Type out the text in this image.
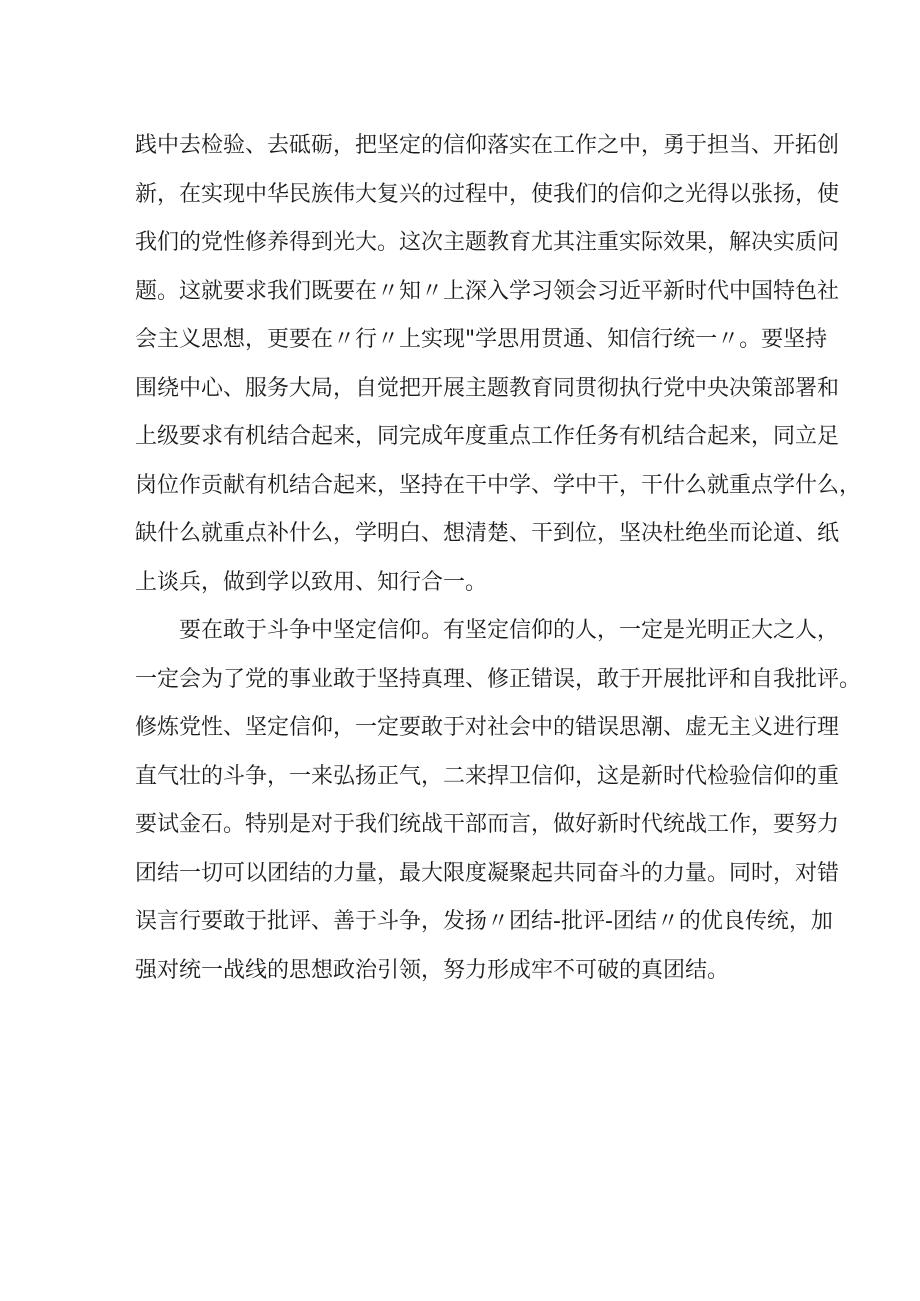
践中去检验、去砥砺，把坚定的信仰落实在工作之中，勇于担当、开拓创
新，在实现中华民族伟大复兴的过程中，使我们的信仰之光得以张扬，使
我们的党性修养得到光大。这次主题教育尤其注重实际效果，解决实质问
题。这就要求我们既要在〃知〃上深入学习领会习近平新时代中国特色社
会主义思想，更要在〃行〃上实现"学思用贯通、知信行统一〃。要坚持
围绕中心、服务大局，自觉把开展主题教育同贯彻执行党中央决策部署和
上级要求有机结合起来，同完成年度重点工作任务有机结合起来，同立足
岗位作贡献有机结合起来，坚持在干中学、学中干，干什么就重点学什么，
缺什么就重点补什么，学明白、想清楚、干到位，坚决杜绝坐而论道、纸
上谈兵，做到学以致用、知行合一。
要在敢于斗争中坚定信仰。有坚定信仰的人，一定是光明正大之人，
一定会为了党的事业敢于坚持真理、修正错误，敢于开展批评和自我批评。
修炼党性、坚定信仰，一定要敢于对社会中的错误思潮、虚无主义进行理
直气壮的斗争，一来弘扬正气，二来捍卫信仰，这是新时代检验信仰的重
要试金石。特别是对于我们统战干部而言，做好新时代统战工作，要努力
团结一切可以团结的力量，最大限度凝聚起共同奋斗的力量。同时，对错
误言行要敢于批评、善于斗争，发扬〃团结-批评-团结〃的优良传统，加
强对统一战线的思想政治引领，努力形成牢不可破的真团结。
